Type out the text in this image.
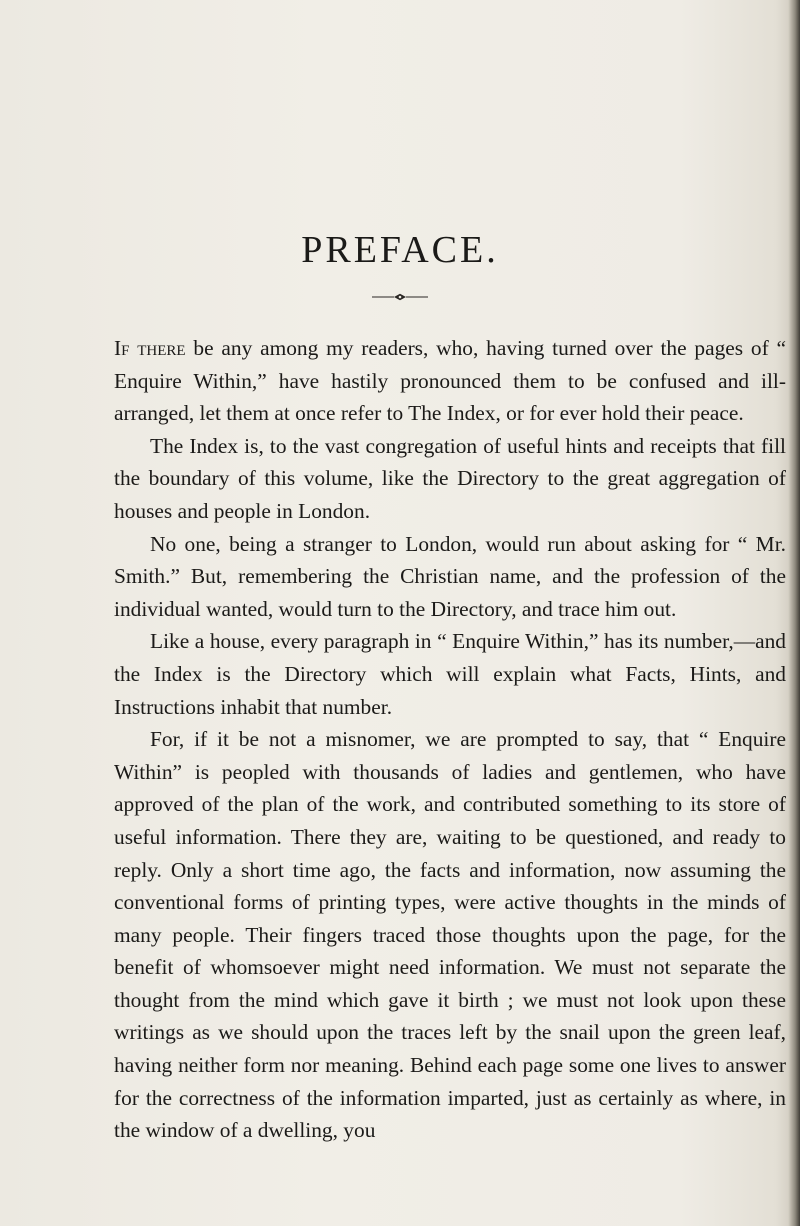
PREFACE.

If there be any among my readers, who, having turned over the pages of “ Enquire Within,” have hastily pronounced them to be confused and ill-arranged, let them at once refer to The Index, or for ever hold their peace.

The Index is, to the vast congregation of useful hints and receipts that fill the boundary of this volume, like the Directory to the great aggregation of houses and people in London.

No one, being a stranger to London, would run about asking for “ Mr. Smith.” But, remembering the Christian name, and the profession of the individual wanted, would turn to the Directory, and trace him out.

Like a house, every paragraph in “ Enquire Within,” has its number,—and the Index is the Directory which will explain what Facts, Hints, and Instructions inhabit that number.

For, if it be not a misnomer, we are prompted to say, that “ Enquire Within” is peopled with thousands of ladies and gentlemen, who have approved of the plan of the work, and contributed something to its store of useful information. There they are, waiting to be questioned, and ready to reply. Only a short time ago, the facts and information, now assuming the conventional forms of printing types, were active thoughts in the minds of many people. Their fingers traced those thoughts upon the page, for the benefit of whomsoever might need information. We must not separate the thought from the mind which gave it birth ; we must not look upon these writings as we should upon the traces left by the snail upon the green leaf, having neither form nor meaning. Behind each page some one lives to answer for the correctness of the information imparted, just as certainly as where, in the window of a dwelling, you
